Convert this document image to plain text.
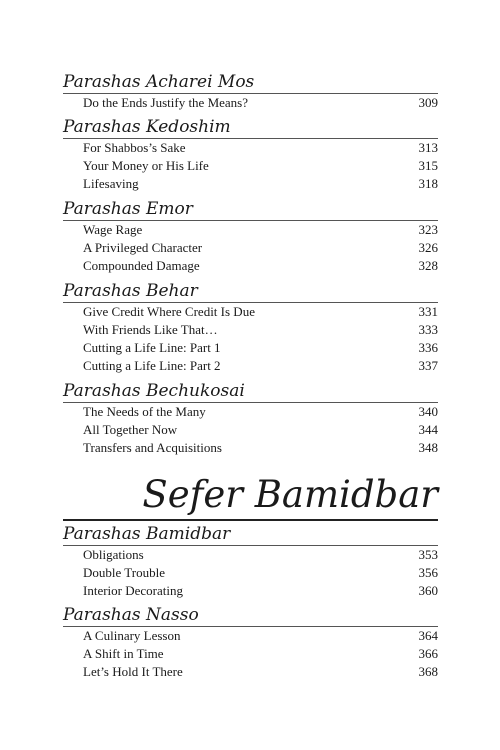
Parashas Acharei Mos
Do the Ends Justify the Means?	309
Parashas Kedoshim
For Shabbos’s Sake	313
Your Money or His Life	315
Lifesaving	318
Parashas Emor
Wage Rage	323
A Privileged Character	326
Compounded Damage	328
Parashas Behar
Give Credit Where Credit Is Due	331
With Friends Like That…	333
Cutting a Life Line: Part 1	336
Cutting a Life Line: Part 2	337
Parashas Bechukosai
The Needs of the Many	340
All Together Now	344
Transfers and Acquisitions	348
Sefer Bamidbar
Parashas Bamidbar
Obligations	353
Double Trouble	356
Interior Decorating	360
Parashas Nasso
A Culinary Lesson	364
A Shift in Time	366
Let’s Hold It There	368
